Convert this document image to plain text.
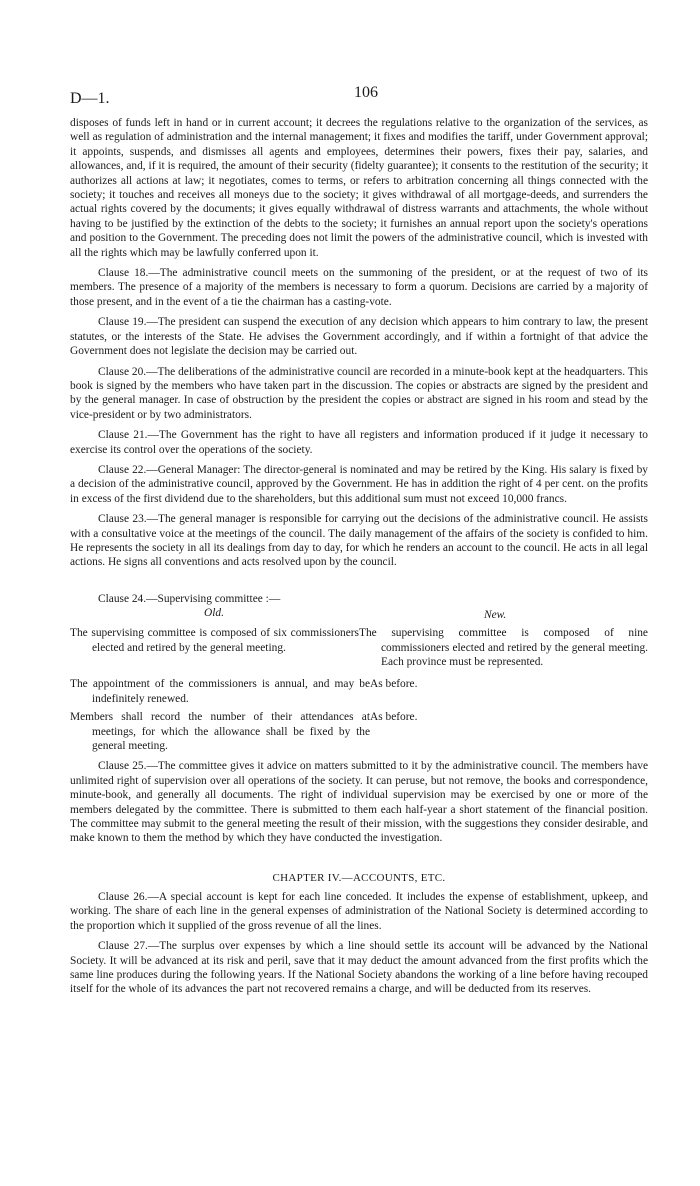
D—1.	106

disposes of funds left in hand or in current account; it decrees the regulations relative to the organization of the services, as well as regulation of administration and the internal management; it fixes and modifies the tariff, under Government approval; it appoints, suspends, and dismisses all agents and employees, determines their powers, fixes their pay, salaries, and allowances, and, if it is required, the amount of their security (fidelty guarantee); it consents to the restitution of the security; it authorizes all actions at law; it negotiates, comes to terms, or refers to arbitration concerning all things connected with the society; it touches and receives all moneys due to the society; it gives withdrawal of all mortgage-deeds, and surrenders the actual rights covered by the documents; it gives equally withdrawal of distress warrants and attachments, the whole without having to be justified by the extinction of the debts to the society; it furnishes an annual report upon the society's operations and position to the Government. The preceding does not limit the powers of the administrative council, which is invested with all the rights which may be lawfully conferred upon it.

Clause 18.—The administrative council meets on the summoning of the president, or at the request of two of its members. The presence of a majority of the members is necessary to form a quorum. Decisions are carried by a majority of those present, and in the event of a tie the chairman has a casting-vote.

Clause 19.—The president can suspend the execution of any decision which appears to him contrary to law, the present statutes, or the interests of the State. He advises the Government accordingly, and if within a fortnight of that advice the Government does not legislate the decision may be carried out.

Clause 20.—The deliberations of the administrative council are recorded in a minute-book kept at the headquarters. This book is signed by the members who have taken part in the discussion. The copies or abstracts are signed by the president and by the general manager. In case of obstruction by the president the copies or abstract are signed in his room and stead by the vice-president or by two administrators.

Clause 21.—The Government has the right to have all registers and information produced if it judge it necessary to exercise its control over the operations of the society.

Clause 22.—General Manager: The director-general is nominated and may be retired by the King. His salary is fixed by a decision of the administrative council, approved by the Government. He has in addition the right of 4 per cent. on the profits in excess of the first dividend due to the shareholders, but this additional sum must not exceed 10,000 francs.

Clause 23.—The general manager is responsible for carrying out the decisions of the administrative council. He assists with a consultative voice at the meetings of the council. The daily management of the affairs of the society is confided to him. He represents the society in all its dealings from day to day, for which he renders an account to the council. He acts in all legal actions. He signs all conventions and acts resolved upon by the council.

Clause 24.—Supervising committee :—
Old.	New.
The supervising committee is composed of six commissioners elected and retired by the general meeting.
The supervising committee is composed of nine commissioners elected and retired by the general meeting. Each province must be represented.
The appointment of the commissioners is annual, and may be indefinitely renewed.
As before.
Members shall record the number of their attendances at meetings, for which the allowance shall be fixed by the general meeting.
As before.

Clause 25.—The committee gives it advice on matters submitted to it by the administrative council. The members have unlimited right of supervision over all operations of the society. It can peruse, but not remove, the books and correspondence, minute-book, and generally all documents. The right of individual supervision may be exercised by one or more of the members delegated by the committee. There is submitted to them each half-year a short statement of the financial position. The committee may submit to the general meeting the result of their mission, with the suggestions they consider desirable, and make known to them the method by which they have conducted the investigation.

CHAPTER IV.—ACCOUNTS, ETC.

Clause 26.—A special account is kept for each line conceded. It includes the expense of establishment, upkeep, and working. The share of each line in the general expenses of administration of the National Society is determined according to the proportion which it supplied of the gross revenue of all the lines.

Clause 27.—The surplus over expenses by which a line should settle its account will be advanced by the National Society. It will be advanced at its risk and peril, save that it may deduct the amount advanced from the first profits which the same line produces during the following years. If the National Society abandons the working of a line before having recouped itself for the whole of its advances the part not recovered remains a charge, and will be deducted from its reserves.
